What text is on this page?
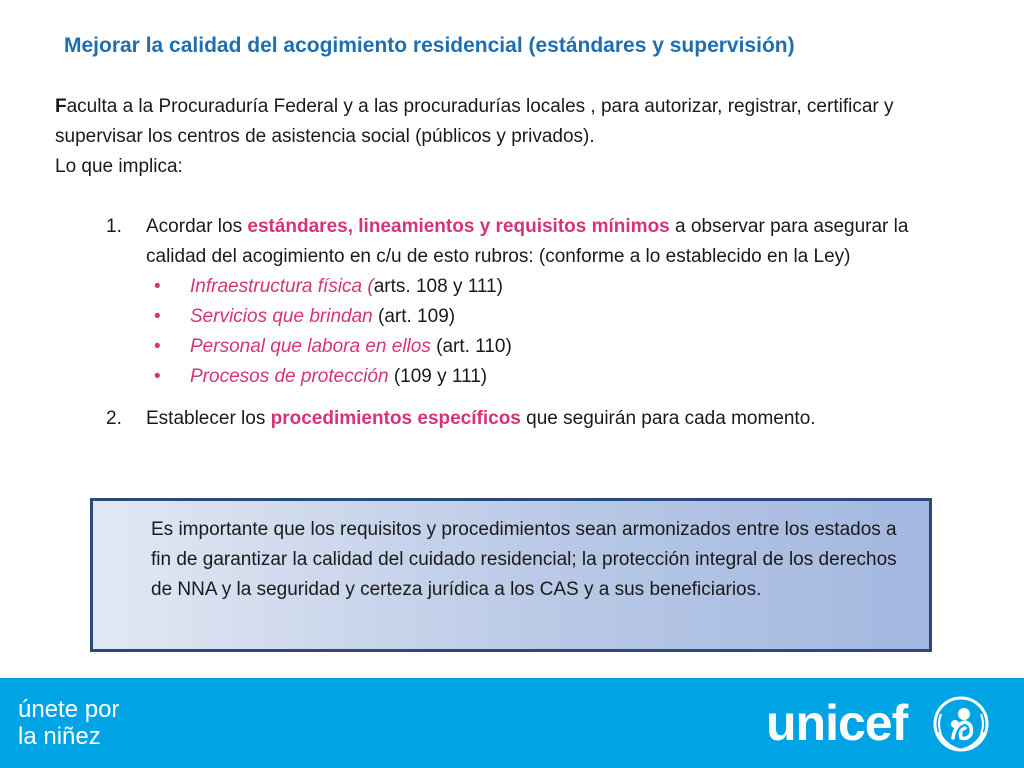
Mejorar la calidad del acogimiento residencial (estándares y supervisión)
Faculta a la Procuraduría Federal y a las procuradurías locales , para autorizar, registrar, certificar y supervisar los centros de asistencia social (públicos y privados).
Lo que implica:
1. Acordar los estándares, lineamientos y requisitos mínimos a observar para asegurar la calidad del acogimiento en c/u de esto rubros: (conforme a lo establecido en la Ley)
• Infraestructura física (arts. 108 y 111)
• Servicios que brindan (art. 109)
• Personal que labora en ellos (art. 110)
• Procesos de protección (109 y 111)
2. Establecer los procedimientos específicos que seguirán para cada momento.
Es importante que los requisitos y procedimientos sean armonizados entre los estados a fin de garantizar la calidad del cuidado residencial; la protección integral de los derechos de NNA y la seguridad y certeza jurídica a los CAS y a sus beneficiarios.
únete por
la niñez	unicef
